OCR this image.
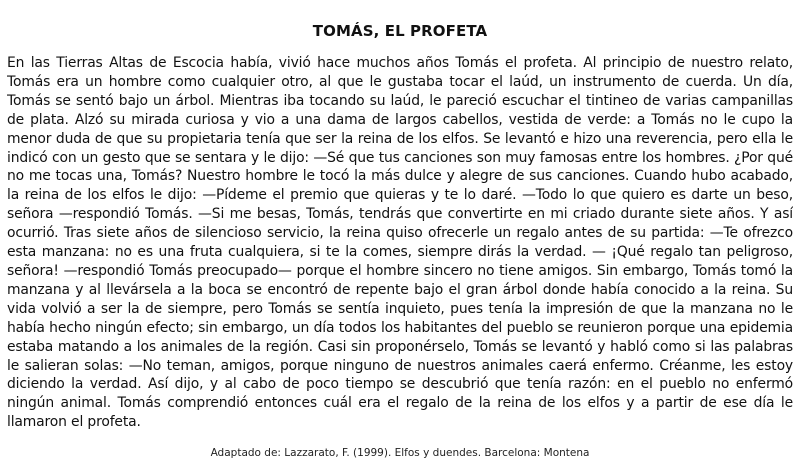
TOMÁS, EL PROFETA

En las Tierras Altas de Escocia había, vivió hace muchos años Tomás el profeta. Al principio de nuestro relato, Tomás era un hombre como cualquier otro, al que le gustaba tocar el laúd, un instrumento de cuerda. Un día, Tomás se sentó bajo un árbol. Mientras iba tocando su laúd, le pareció escuchar el tintineo de varias campanillas de plata. Alzó su mirada curiosa y vio a una dama de largos cabellos, vestida de verde: a Tomás no le cupo la menor duda de que su propietaria tenía que ser la reina de los elfos. Se levantó e hizo una reverencia, pero ella le indicó con un gesto que se sentara y le dijo: —Sé que tus canciones son muy famosas entre los hombres. ¿Por qué no me tocas una, Tomás? Nuestro hombre le tocó la más dulce y alegre de sus canciones. Cuando hubo acabado, la reina de los elfos le dijo: —Pídeme el premio que quieras y te lo daré. —Todo lo que quiero es darte un beso, señora —respondió Tomás. —Si me besas, Tomás, tendrás que convertirte en mi criado durante siete años. Y así ocurrió. Tras siete años de silencioso servicio, la reina quiso ofrecerle un regalo antes de su partida: —Te ofrezco esta manzana: no es una fruta cualquiera, si te la comes, siempre dirás la verdad. — ¡Qué regalo tan peligroso, señora! —respondió Tomás preocupado— porque el hombre sincero no tiene amigos. Sin embargo, Tomás tomó la manzana y al llevársela a la boca se encontró de repente bajo el gran árbol donde había conocido a la reina. Su vida volvió a ser la de siempre, pero Tomás se sentía inquieto, pues tenía la impresión de que la manzana no le había hecho ningún efecto; sin embargo, un día todos los habitantes del pueblo se reunieron porque una epidemia estaba matando a los animales de la región. Casi sin proponérselo, Tomás se levantó y habló como si las palabras le salieran solas: —No teman, amigos, porque ninguno de nuestros animales caerá enfermo. Créanme, les estoy diciendo la verdad. Así dijo, y al cabo de poco tiempo se descubrió que tenía razón: en el pueblo no enfermó ningún animal. Tomás comprendió entonces cuál era el regalo de la reina de los elfos y a partir de ese día le llamaron el profeta.

Adaptado de: Lazzarato, F. (1999). Elfos y duendes. Barcelona: Montena
